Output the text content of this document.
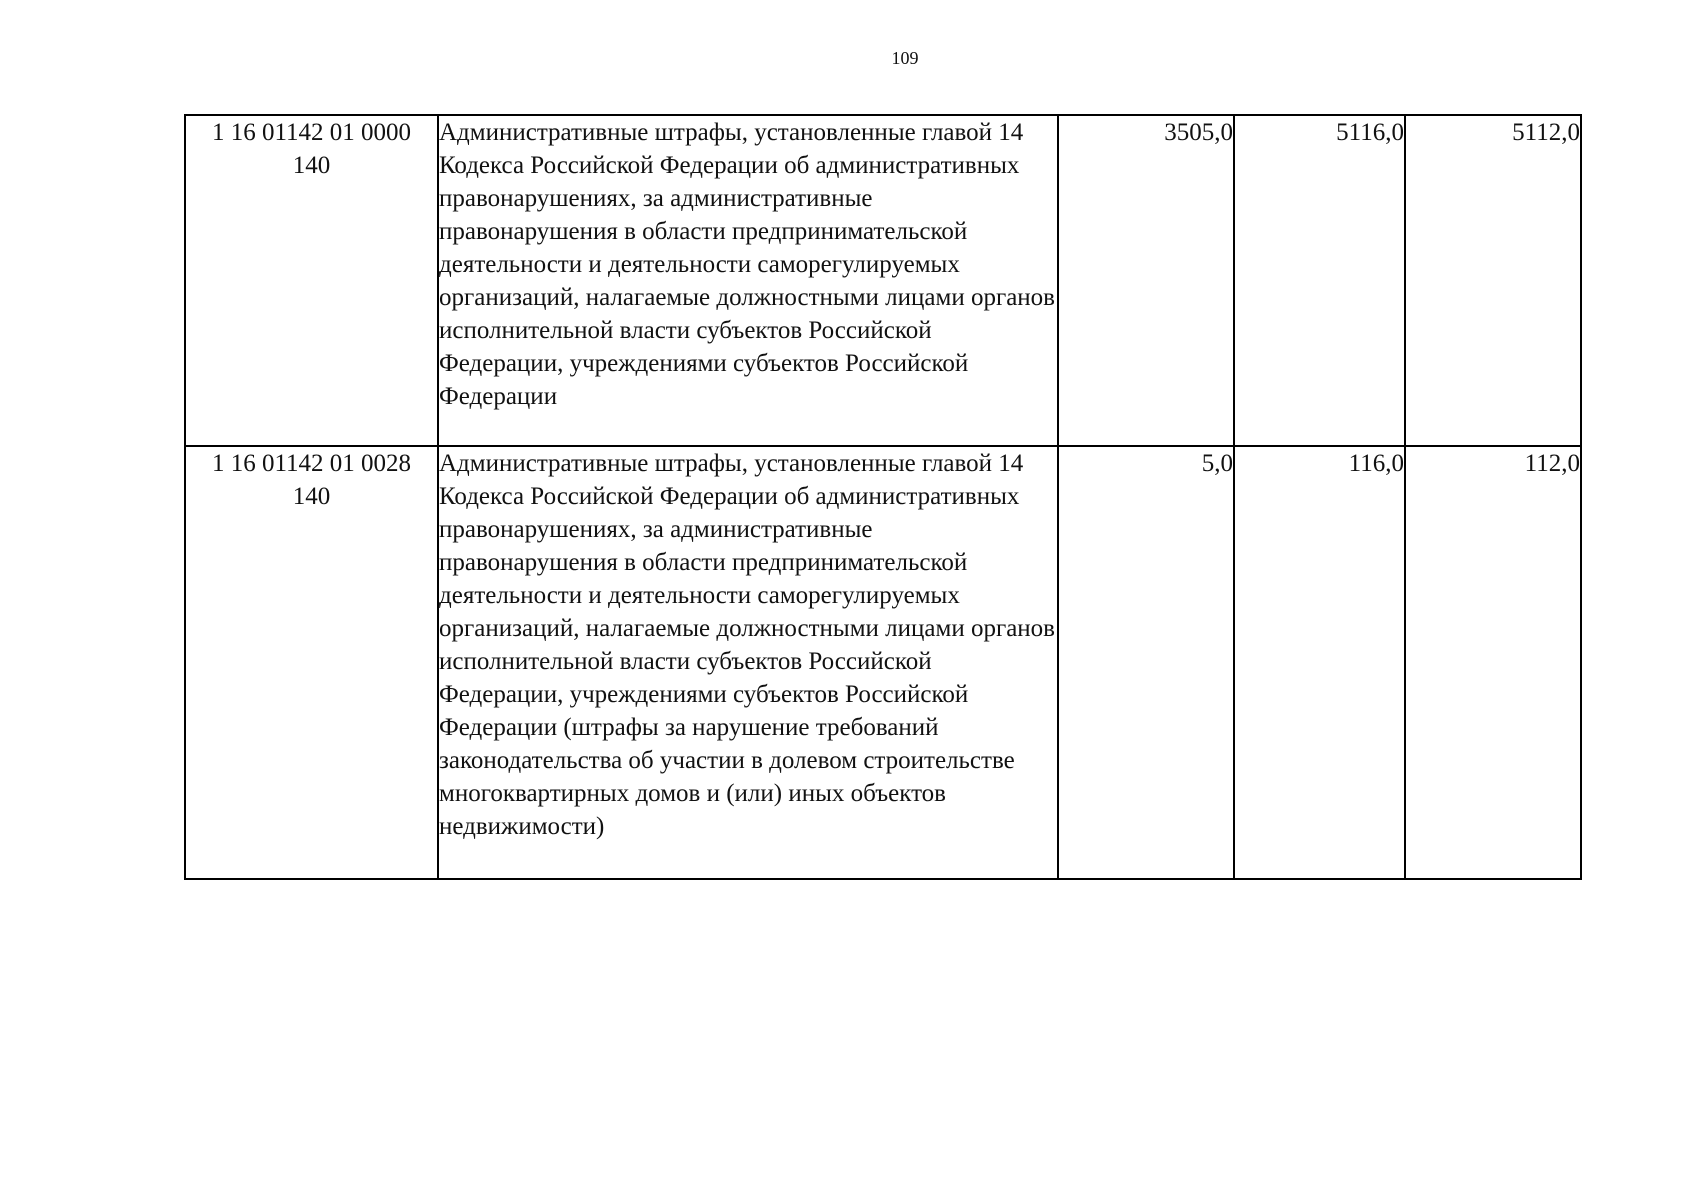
109
1 16 01142 01 0000
140	Административные штрафы, установленные главой 14 Кодекса Российской Федерации об административных правонарушениях, за административные правонарушения в области предпринимательской деятельности и деятельности саморегулируемых организаций, налагаемые должностными лицами органов исполнительной власти субъектов Российской Федерации, учреждениями субъектов Российской Федерации	3505,0	5116,0	5112,0

1 16 01142 01 0028
140	Административные штрафы, установленные главой 14 Кодекса Российской Федерации об административных правонарушениях, за административные правонарушения в области предпринимательской деятельности и деятельности саморегулируемых организаций, налагаемые должностными лицами органов исполнительной власти субъектов Российской Федерации, учреждениями субъектов Российской Федерации (штрафы за нарушение требований законодательства об участии в долевом строительстве многоквартирных домов и (или) иных объектов недвижимости)	5,0	116,0	112,0
